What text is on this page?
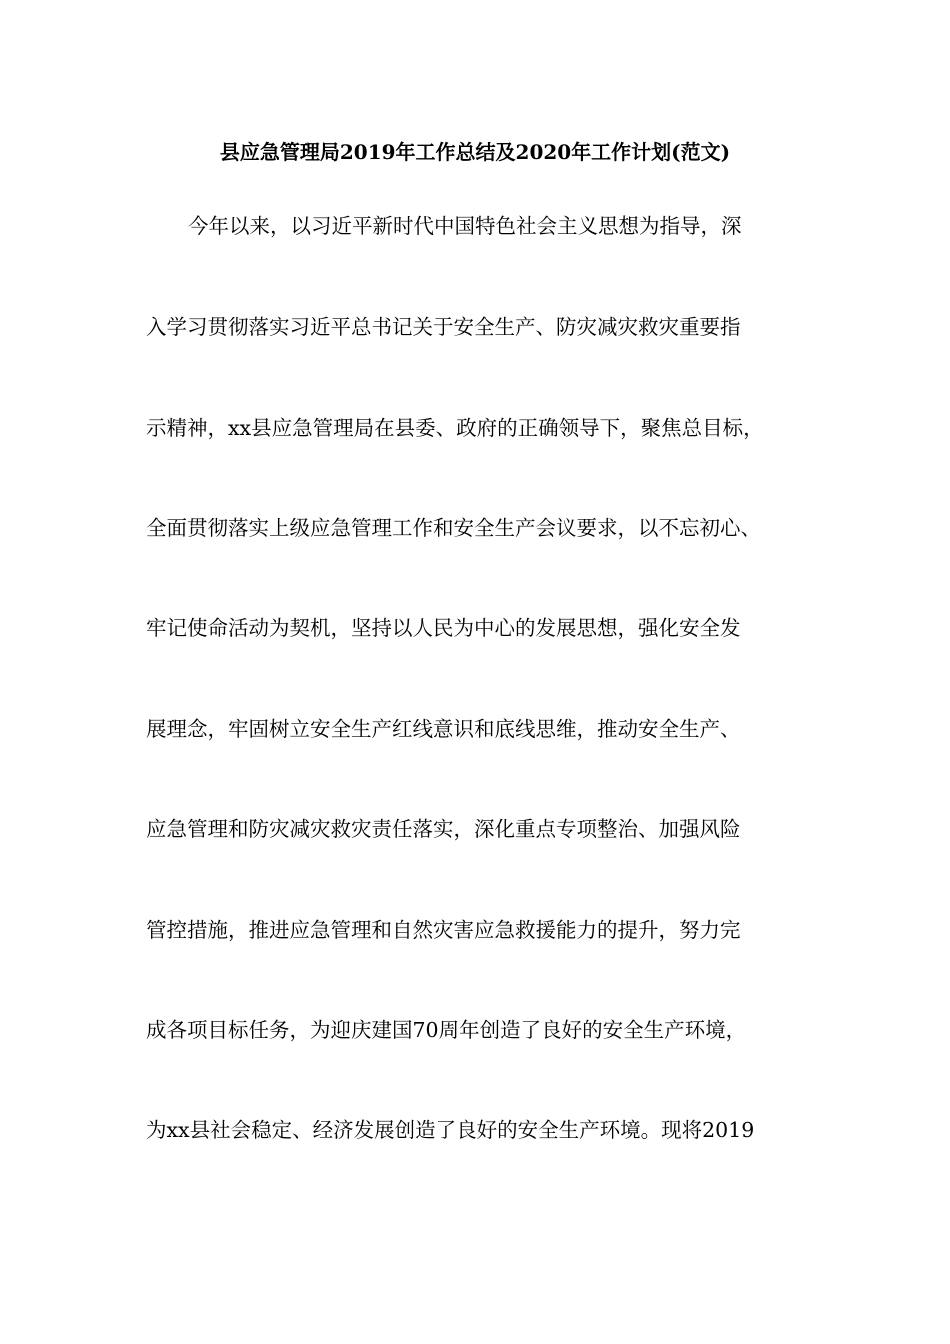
县应急管理局2019年工作总结及2020年工作计划(范文)
今年以来，以习近平新时代中国特色社会主义思想为指导，深
入学习贯彻落实习近平总书记关于安全生产、防灾减灾救灾重要指
示精神，xx县应急管理局在县委、政府的正确领导下，聚焦总目标，
全面贯彻落实上级应急管理工作和安全生产会议要求，以不忘初心、
牢记使命活动为契机，坚持以人民为中心的发展思想，强化安全发
展理念，牢固树立安全生产红线意识和底线思维，推动安全生产、
应急管理和防灾减灾救灾责任落实，深化重点专项整治、加强风险
管控措施，推进应急管理和自然灾害应急救援能力的提升，努力完
成各项目标任务，为迎庆建国70周年创造了良好的安全生产环境，
为xx县社会稳定、经济发展创造了良好的安全生产环境。现将2019
